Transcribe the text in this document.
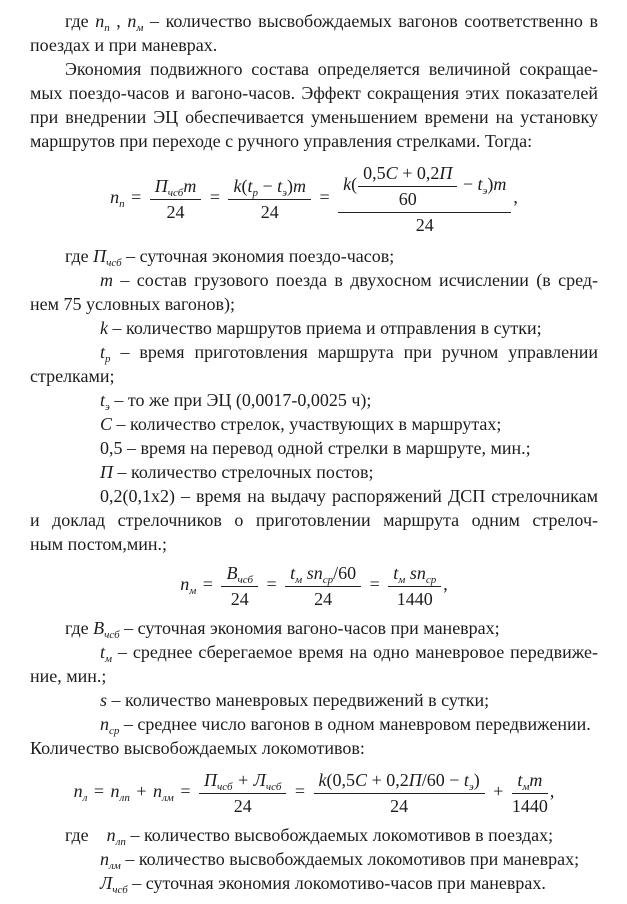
где $n_п$ , $n_м$ – количество высвобождаемых вагонов соответственно в
поездах и при маневрах.
Экономия подвижного состава определяется величиной сокращае-
мых поездо-часов и вагоно-часов. Эффект сокращения этих показателей
при внедрении ЭЦ обеспечивается уменьшением времени на установку
маршрутов при переходе с ручного управления стрелками. Тогда:
$n_п = \frac{П_{чсб}m}{24} = \frac{k(t_р - t_э)m}{24} = \frac{k( \frac{0,5С + 0,2П}{60} - t_э)m}{24}$ ,
где $П_{чсб}$ – суточная экономия поездо-часов;
m – состав грузового поезда в двухосном исчислении (в сред-
нем 75 условных вагонов);
k – количество маршрутов приема и отправления в сутки;
$t_р$ – время приготовления маршрута при ручном управлении
стрелками;
$t_э$ – то же при ЭЦ (0,0017-0,0025 ч);
С – количество стрелок, участвующих в маршрутах;
0,5 – время на перевод одной стрелки в маршруте, мин.;
П – количество стрелочных постов;
0,2(0,1х2) – время на выдачу распоряжений ДСП стрелочникам
и доклад стрелочников о приготовлении маршрута одним стрелоч-
ным постом,мин.;
$n_м = \frac{В_{чсб}}{24} = \frac{t_м sn_{ср}/60}{24} = \frac{t_м sn_{ср}}{1440}$ ,
где $В_{чсб}$ – суточная экономия вагоно-часов при маневрах;
$t_м$ – среднее сберегаемое время на одно маневровое передвиже-
ние, мин.;
s – количество маневровых передвижений в сутки;
$n_{ср}$ – среднее число вагонов в одном маневровом передвижении.
Количество высвобождаемых локомотивов:
$n_л = n_{лп} + n_{лм} = \frac{П_{чсб} + Л_{чсб}}{24} = \frac{k(0,5С + 0,2П/60 - t_э)}{24} + \frac{t_мm}{1440}$ ,
где $n_{лп}$ – количество высвобождаемых локомотивов в поездах;
$n_{лм}$ – количество высвобождаемых локомотивов при маневрах;
$Л_{чсб}$ – суточная экономия локомотиво-часов при маневрах.
